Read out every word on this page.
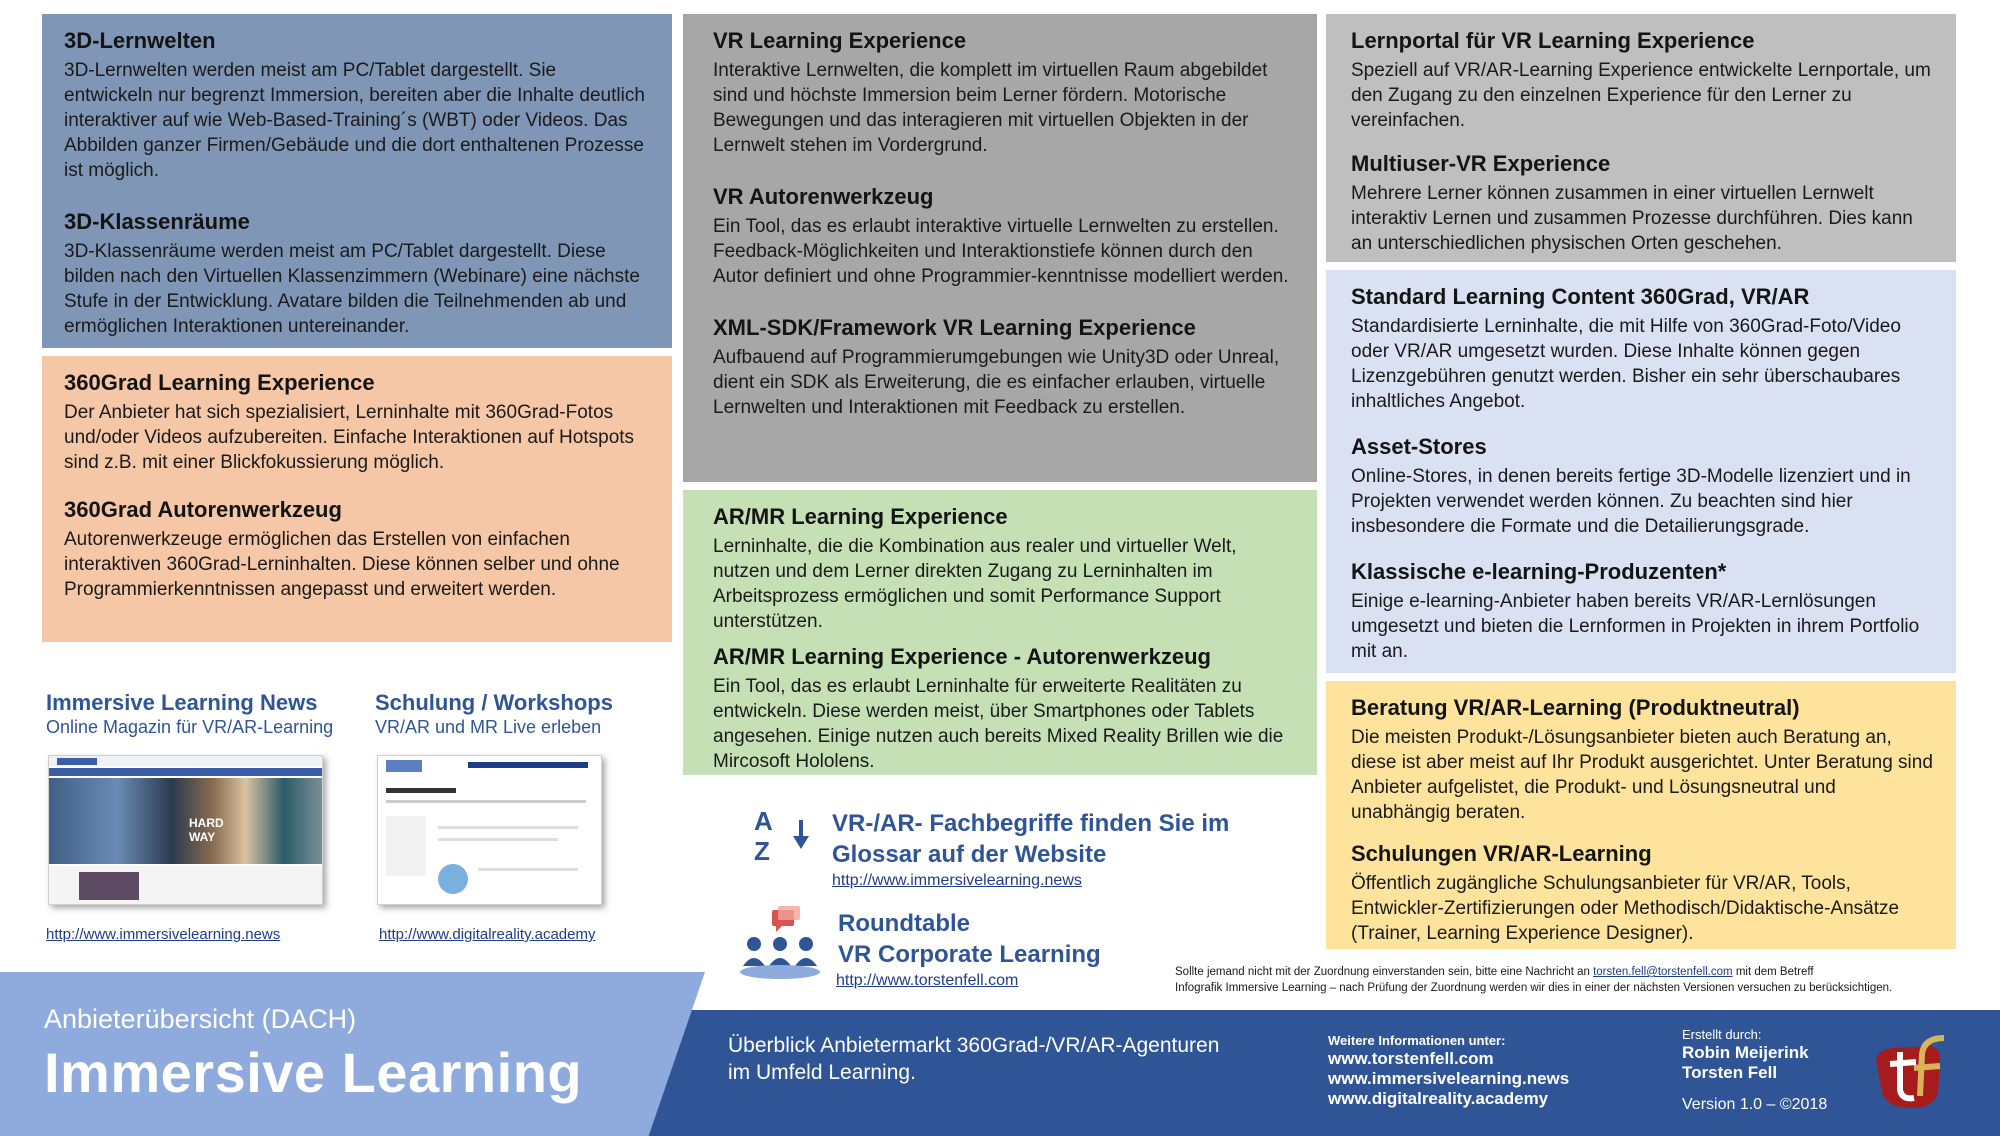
3D-Lernwelten

3D-Lernwelten werden meist am PC/Tablet dargestellt. Sie entwickeln nur begrenzt Immersion, bereiten aber die Inhalte deutlich interaktiver auf wie Web-Based-Training´s (WBT) oder Videos. Das Abbilden ganzer Firmen/Gebäude und die dort enthaltenen Prozesse ist möglich.

3D-Klassenräume

3D-Klassenräume werden meist am PC/Tablet dargestellt. Diese bilden nach den Virtuellen Klassenzimmern (Webinare) eine nächste Stufe in der Entwicklung. Avatare bilden die Teilnehmenden ab und ermöglichen Interaktionen untereinander.

360Grad Learning Experience

Der Anbieter hat sich spezialisiert, Lerninhalte mit 360Grad-Fotos und/oder Videos aufzubereiten. Einfache Interaktionen auf Hotspots sind z.B. mit einer Blickfokussierung möglich.

360Grad Autorenwerkzeug

Autorenwerkzeuge ermöglichen das Erstellen von einfachen interaktiven 360Grad-Lerninhalten. Diese können selber und ohne Programmierkenntnissen angepasst und erweitert werden.

VR Learning Experience

Interaktive Lernwelten, die komplett im virtuellen Raum abgebildet sind und höchste Immersion beim Lerner fördern. Motorische Bewegungen und das interagieren mit virtuellen Objekten in der Lernwelt stehen im Vordergrund.

VR Autorenwerkzeug

Ein Tool, das es erlaubt interaktive virtuelle Lernwelten zu erstellen. Feedback-Möglichkeiten und Interaktionstiefe können durch den Autor definiert und ohne Programmier-kenntnisse modelliert werden.

XML-SDK/Framework VR Learning Experience

Aufbauend auf Programmierumgebungen wie Unity3D oder Unreal, dient ein SDK als Erweiterung, die es einfacher erlauben, virtuelle Lernwelten und Interaktionen mit Feedback zu erstellen.

AR/MR Learning Experience

Lerninhalte, die die Kombination aus realer und virtueller Welt, nutzen und dem Lerner direkten Zugang zu Lerninhalten im Arbeitsprozess ermöglichen und somit Performance Support unterstützen.

AR/MR Learning Experience - Autorenwerkzeug

Ein Tool, das es erlaubt Lerninhalte für erweiterte Realitäten zu entwickeln. Diese werden meist, über Smartphones oder Tablets angesehen. Einige nutzen auch bereits Mixed Reality Brillen wie die Mircosoft Hololens.

Lernportal für VR Learning Experience

Speziell auf VR/AR-Learning Experience entwickelte Lernportale, um den Zugang zu den einzelnen Experience für den Lerner zu vereinfachen.

Multiuser-VR Experience

Mehrere Lerner können zusammen in einer virtuellen Lernwelt interaktiv Lernen und zusammen Prozesse durchführen. Dies kann an unterschiedlichen physischen Orten geschehen.

Standard Learning Content 360Grad, VR/AR

Standardisierte Lerninhalte, die mit Hilfe von 360Grad-Foto/Video oder VR/AR umgesetzt wurden. Diese Inhalte können gegen Lizenzgebühren genutzt werden. Bisher ein sehr überschaubares inhaltliches Angebot.

Asset-Stores

Online-Stores, in denen bereits fertige 3D-Modelle lizenziert und in Projekten verwendet werden können. Zu beachten sind hier insbesondere die Formate und die Detailierungsgrade.

Klassische e-learning-Produzenten*

Einige e-learning-Anbieter haben bereits VR/AR-Lernlösungen umgesetzt und bieten die Lernformen in Projekten in ihrem Portfolio mit an.

Beratung VR/AR-Learning (Produktneutral)

Die meisten Produkt-/Lösungsanbieter bieten auch Beratung an, diese ist aber meist auf Ihr Produkt ausgerichtet. Unter Beratung sind Anbieter aufgelistet, die Produkt- und Lösungsneutral und unabhängig beraten.

Schulungen VR/AR-Learning

Öffentlich zugängliche Schulungsanbieter für VR/AR, Tools, Entwickler-Zertifizierungen oder Methodisch/Didaktische-Ansätze (Trainer, Learning Experience Designer).

Immersive Learning News
Online Magazin für VR/AR-Learning
HARD WAY
http://www.immersivelearning.news
Schulung / Workshops
VR/AR und MR Live erleben
http://www.digitalreality.academy
A
Z
VR-/AR- Fachbegriffe finden Sie im
Glossar auf der Website
http://www.immersivelearning.news
Roundtable
VR Corporate Learning
http://www.torstenfell.com	Sollte jemand nicht mit der Zuordnung einverstanden sein, bitte eine Nachricht an torsten.fell@torstenfell.com mit dem Betreff
Infografik Immersive Learning – nach Prüfung der Zuordnung werden wir dies in einer der nächsten Versionen versuchen zu berücksichtigen.
Anbieterübersicht (DACH)
Immersive Learning	Überblick Anbietermarkt 360Grad-/VR/AR-Agenturen
im Umfeld Learning.
Weitere Informationen unter:
www.torstenfell.com
www.immersivelearning.news
www.digitalreality.academy
Erstellt durch:
Robin Meijerink
Torsten Fell
Version 1.0 – ©2018
